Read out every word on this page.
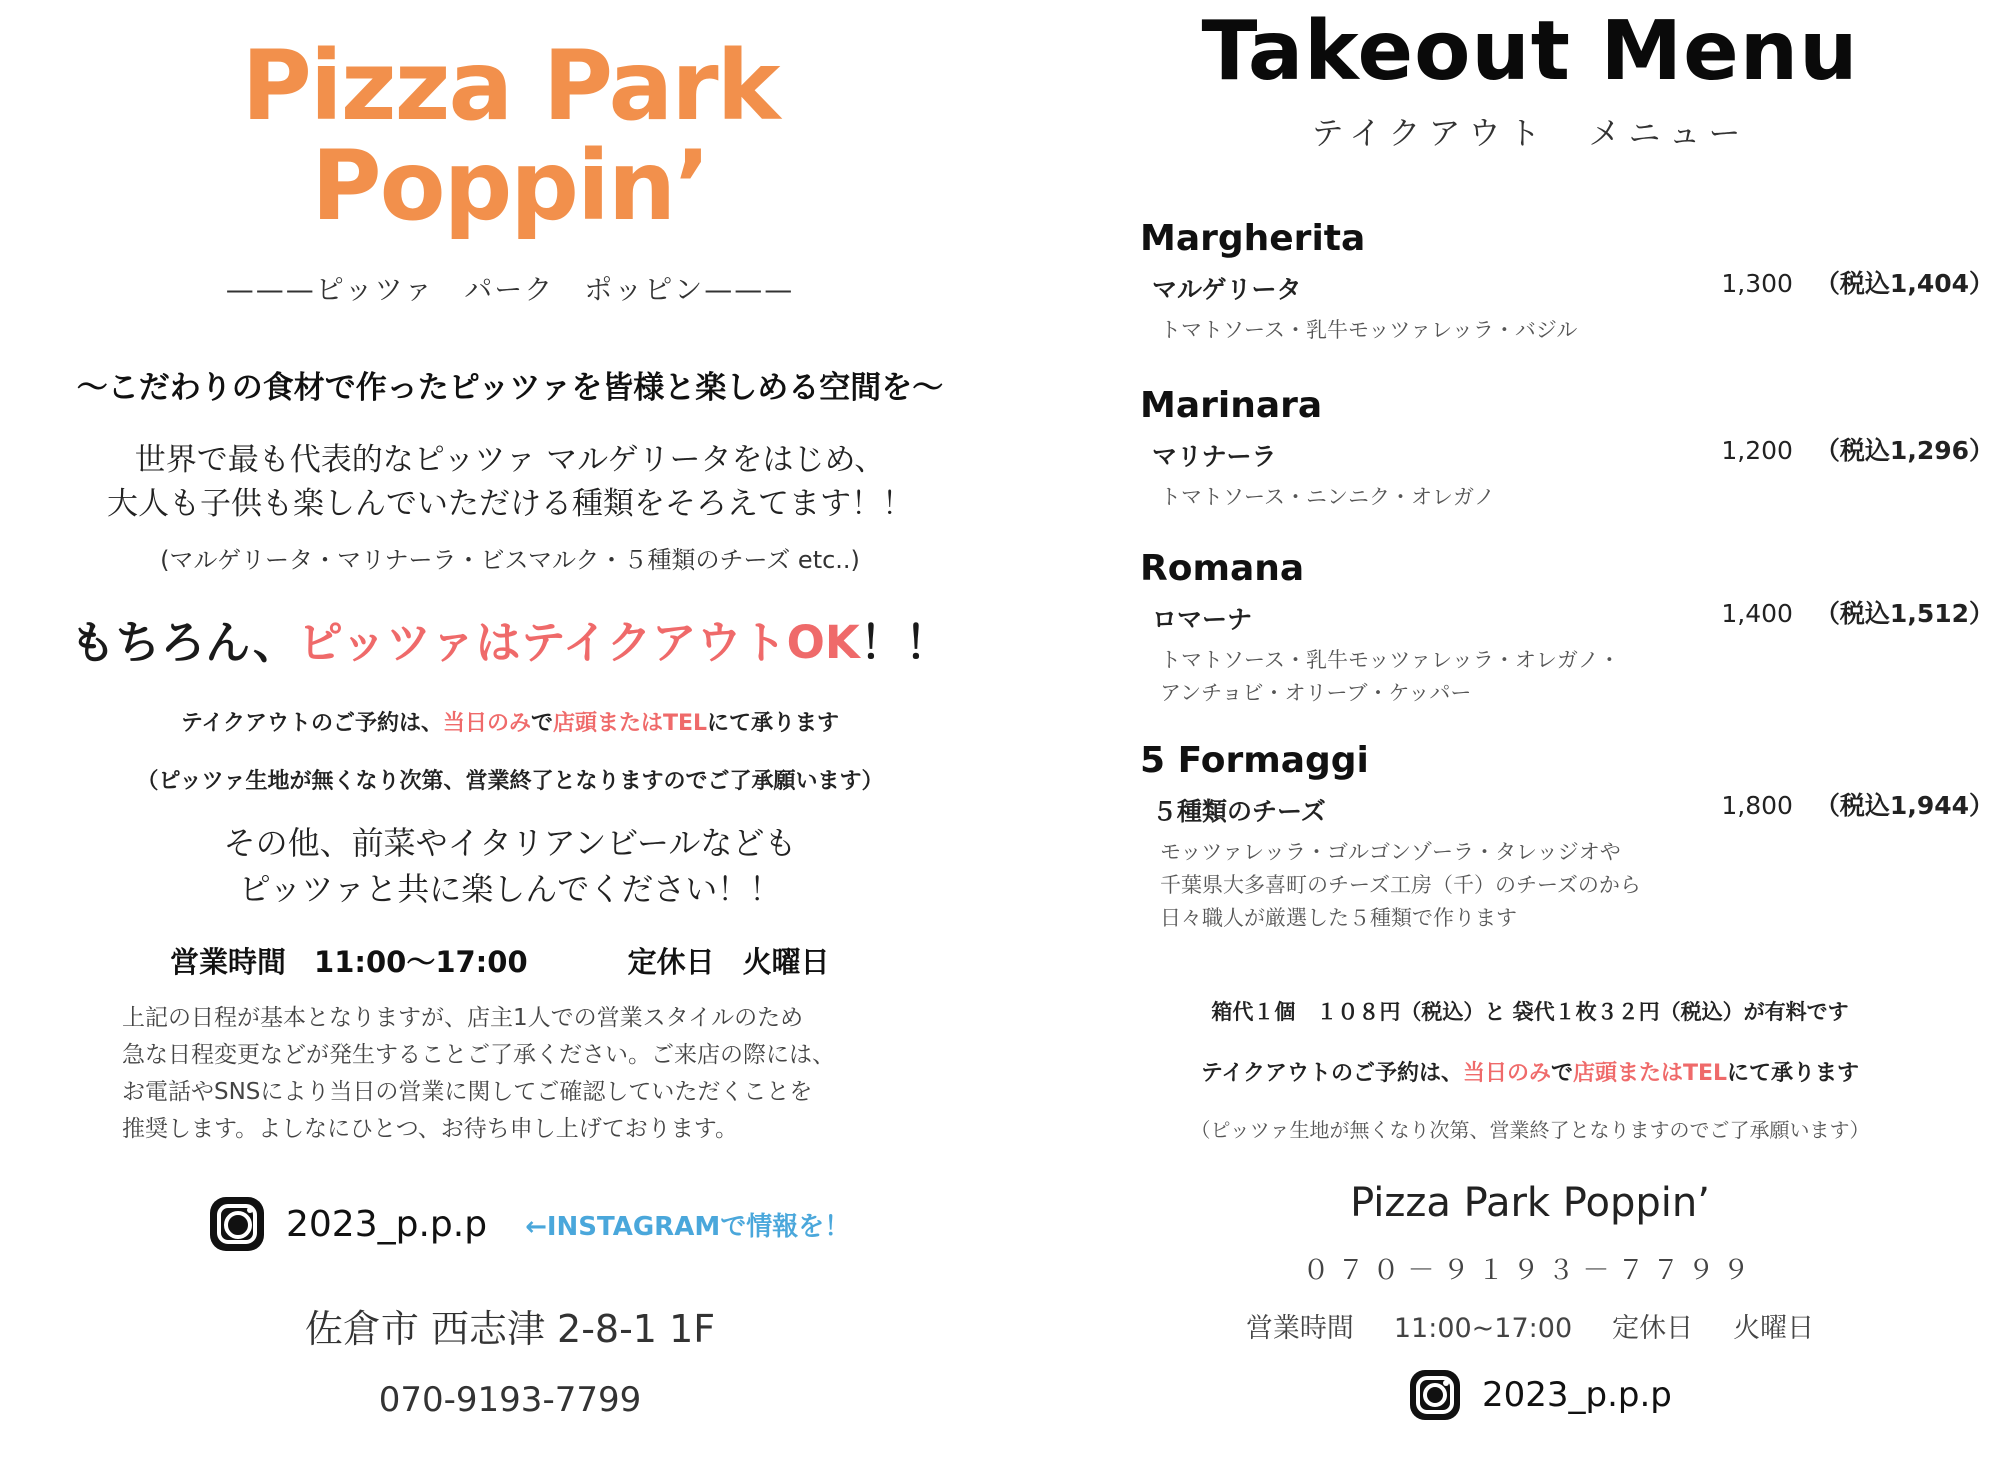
Pizza Park
Poppin’
———ピッツァ　パーク　ポッピン———
〜こだわりの食材で作ったピッツァを皆様と楽しめる空間を〜
世界で最も代表的なピッツァ マルゲリータをはじめ、
大人も子供も楽しんでいただける種類をそろえてます！！
(マルゲリータ・マリナーラ・ビスマルク・５種類のチーズ etc..)
もちろん、ピッツァはテイクアウトOK！！
テイクアウトのご予約は、当日のみで店頭またはTELにて承ります
（ピッツァ生地が無くなり次第、営業終了となりますのでご了承願います）
その他、前菜やイタリアンビールなども
ピッツァと共に楽しんでください！！
営業時間 11:00〜17:00	定休日 火曜日
上記の日程が基本となりますが、店主1人での営業スタイルのため
急な日程変更などが発生することご了承ください。ご来店の際には、
お電話やSNSにより当日の営業に関してご確認していただくことを
推奨します。よしなにひとつ、お待ち申し上げております。
2023_p.p.p ←INSTAGRAMで情報を！
佐倉市 西志津 2-8-1 1F
070-9193-7799
Takeout Menu
テイクアウト　メニュー
Margherita
マルゲリータ	1,300 （税込1,404）
トマトソース・乳牛モッツァレッラ・バジル
Marinara
マリナーラ	1,200 （税込1,296）
トマトソース・ニンニク・オレガノ
Romana
ロマーナ	1,400 （税込1,512）
トマトソース・乳牛モッツァレッラ・オレガノ・
アンチョビ・オリーブ・ケッパー
5 Formaggi
５種類のチーズ	1,800 （税込1,944）
モッツァレッラ・ゴルゴンゾーラ・タレッジオや
千葉県大多喜町のチーズ工房（千）のチーズのから
日々職人が厳選した５種類で作ります
箱代１個　１０８円（税込）と 袋代１枚３２円（税込）が有料です
テイクアウトのご予約は、当日のみで店頭またはTELにて承ります
（ピッツァ生地が無くなり次第、営業終了となりますのでご了承願います）
Pizza Park Poppin’
０７０－９１９３－７７９９
営業時間 11:00~17:00 定休日 火曜日
2023_p.p.p
